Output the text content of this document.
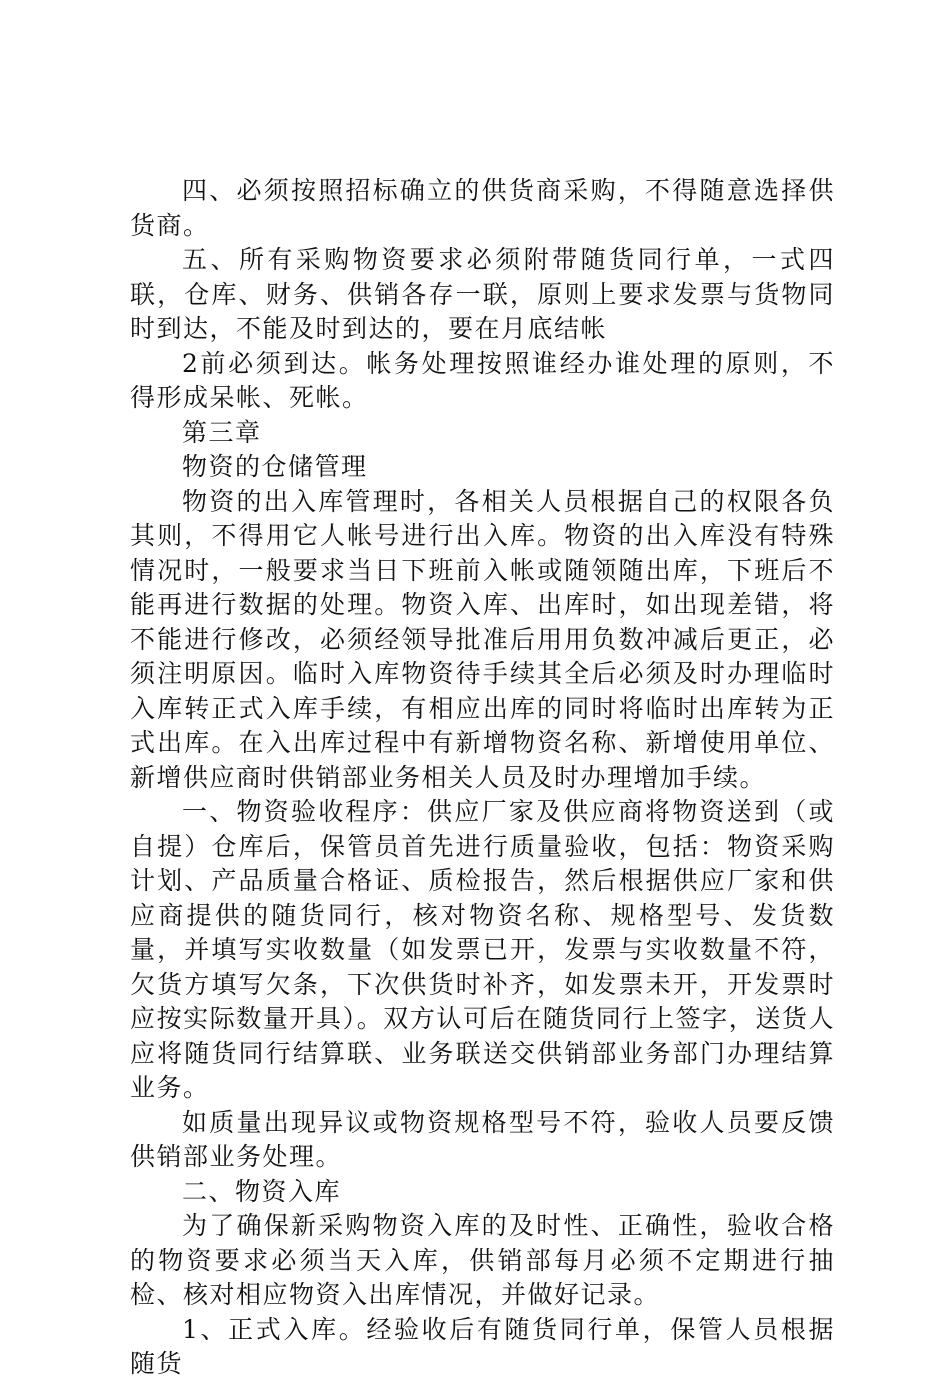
四、必须按照招标确立的供货商采购，不得随意选择供货商。

五、所有采购物资要求必须附带随货同行单，一式四联，仓库、财务、供销各存一联，原则上要求发票与货物同时到达，不能及时到达的，要在月底结帐

2前必须到达。帐务处理按照谁经办谁处理的原则，不得形成呆帐、死帐。

第三章

物资的仓储管理

物资的出入库管理时，各相关人员根据自己的权限各负其则，不得用它人帐号进行出入库。物资的出入库没有特殊情况时，一般要求当日下班前入帐或随领随出库，下班后不能再进行数据的处理。物资入库、出库时，如出现差错，将不能进行修改，必须经领导批准后用用负数冲减后更正，必须注明原因。临时入库物资待手续其全后必须及时办理临时入库转正式入库手续，有相应出库的同时将临时出库转为正式出库。在入出库过程中有新增物资名称、新增使用单位、新增供应商时供销部业务相关人员及时办理增加手续。

一、物资验收程序：供应厂家及供应商将物资送到（或自提）仓库后，保管员首先进行质量验收，包括：物资采购计划、产品质量合格证、质检报告，然后根据供应厂家和供应商提供的随货同行，核对物资名称、规格型号、发货数量，并填写实收数量（如发票已开，发票与实收数量不符，欠货方填写欠条，下次供货时补齐，如发票未开，开发票时应按实际数量开具）。双方认可后在随货同行上签字，送货人应将随货同行结算联、业务联送交供销部业务部门办理结算业务。

如质量出现异议或物资规格型号不符，验收人员要反馈供销部业务处理。

二、物资入库

为了确保新采购物资入库的及时性、正确性，验收合格的物资要求必须当天入库，供销部每月必须不定期进行抽检、核对相应物资入出库情况，并做好记录。

1、正式入库。经验收后有随货同行单，保管人员根据随货
